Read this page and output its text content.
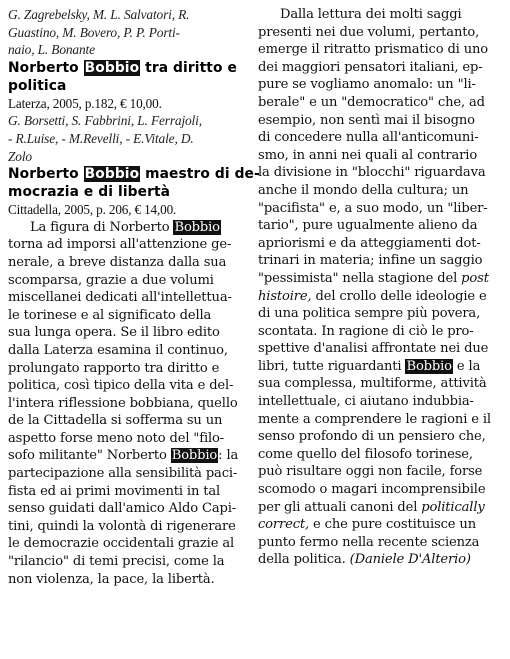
G. Zagrebelsky, M. L. Salvatori, R.
Guastino, M. Bovero, P. P. Porti-
naio, L. Bonante
Norberto Bobbio tra diritto e
politica
Laterza, 2005, p.182, € 10,00.
G. Borsetti, S. Fabbrini, L. Ferrajoli,
- R.Luise, - M.Revelli, - E.Vitale, D.
Zolo
Norberto Bobbio maestro di de-
mocrazia e di libertà
Cittadella, 2005, p. 206, € 14,00.
La figura di Norberto Bobbio
torna ad imporsi all'attenzione ge-
nerale, a breve distanza dalla sua
scomparsa, grazie a due volumi
miscellanei dedicati all'intellettua-
le torinese e al significato della
sua lunga opera. Se il libro edito
dalla Laterza esamina il continuo,
prolungato rapporto tra diritto e
politica, così tipico della vita e del-
l'intera riflessione bobbiana, quello
de la Cittadella si sofferma su un
aspetto forse meno noto del "filo-
sofo militante" Norberto Bobbio: la
partecipazione alla sensibilità paci-
fista ed ai primi movimenti in tal
senso guidati dall'amico Aldo Capi-
tini, quindi la volontà di rigenerare
le democrazie occidentali grazie al
"rilancio" di temi precisi, come la
non violenza, la pace, la libertà.
Dalla lettura dei molti saggi
presenti nei due volumi, pertanto,
emerge il ritratto prismatico di uno
dei maggiori pensatori italiani, ep-
pure se vogliamo anomalo: un "li-
berale" e un "democratico" che, ad
esempio, non sentì mai il bisogno
di concedere nulla all'anticomuni-
smo, in anni nei quali al contrario
la divisione in "blocchi" riguardava
anche il mondo della cultura; un
"pacifista" e, a suo modo, un "liber-
tario", pure ugualmente alieno da
apriorismi e da atteggiamenti dot-
trinari in materia; infine un saggio
"pessimista" nella stagione del post
histoire, del crollo delle ideologie e
di una politica sempre più povera,
scontata. In ragione di ciò le pro-
spettive d'analisi affrontate nei due
libri, tutte riguardanti Bobbio e la
sua complessa, multiforme, attività
intellettuale, ci aiutano indubbia-
mente a comprendere le ragioni e il
senso profondo di un pensiero che,
come quello del filosofo torinese,
può risultare oggi non facile, forse
scomodo o magari incomprensibile
per gli attuali canoni del politically
correct, e che pure costituisce un
punto fermo nella recente scienza
della politica. (Daniele D'Alterio)
